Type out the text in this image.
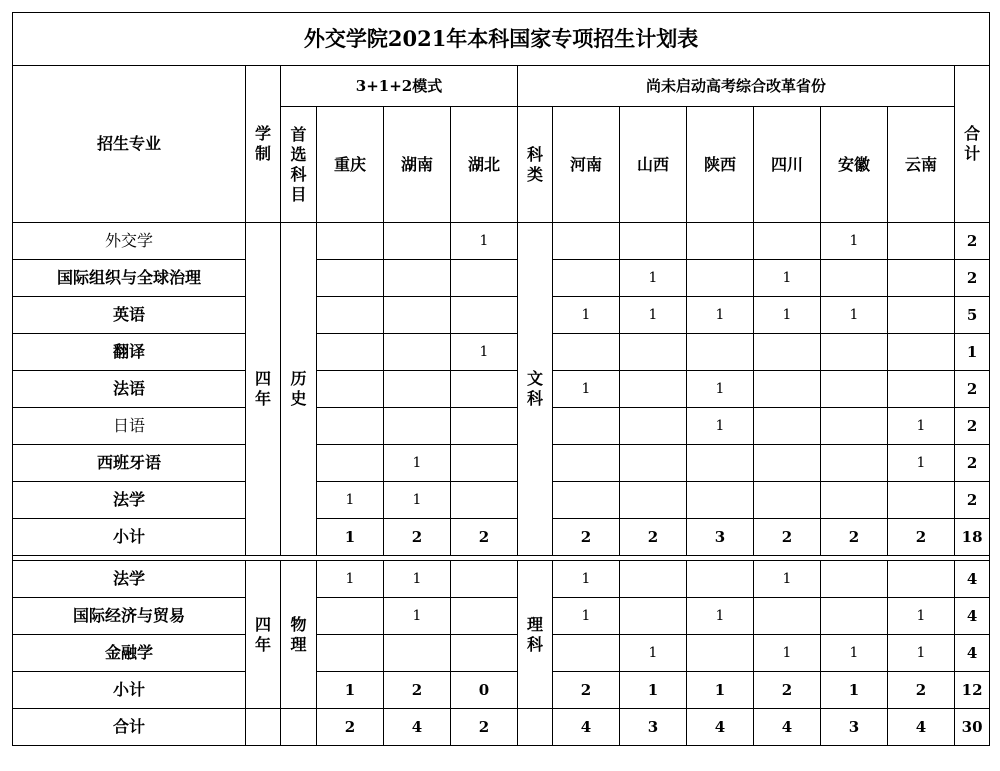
外交学院2021年本科国家专项招生计划表													
招生专业	学制	3+1+2模式				尚未启动高考综合改革省份							合计

		首选科目	重庆	湖南	湖北	科类	河南	山西	陕西	四川	安徽	云南	
外交学	四年	历史			1	文科					1		2
国际组织与全球治理								1		1			2
英语							1	1	1	1	1		5
翻译					1								1
法语							1		1				2
日语									1			1	2
西班牙语				1								1	2
法学			1	1									2
小计			1	2	2		2	2	3	2	2	2	18

法学	四年	物理	1	1		理科	1			1			4
国际经济与贸易				1			1		1			1	4
金融学								1		1	1	1	4
小计			1	2	0		2	1	1	2	1	2	12
合计			2	4	2		4	3	4	4	3	4	30
